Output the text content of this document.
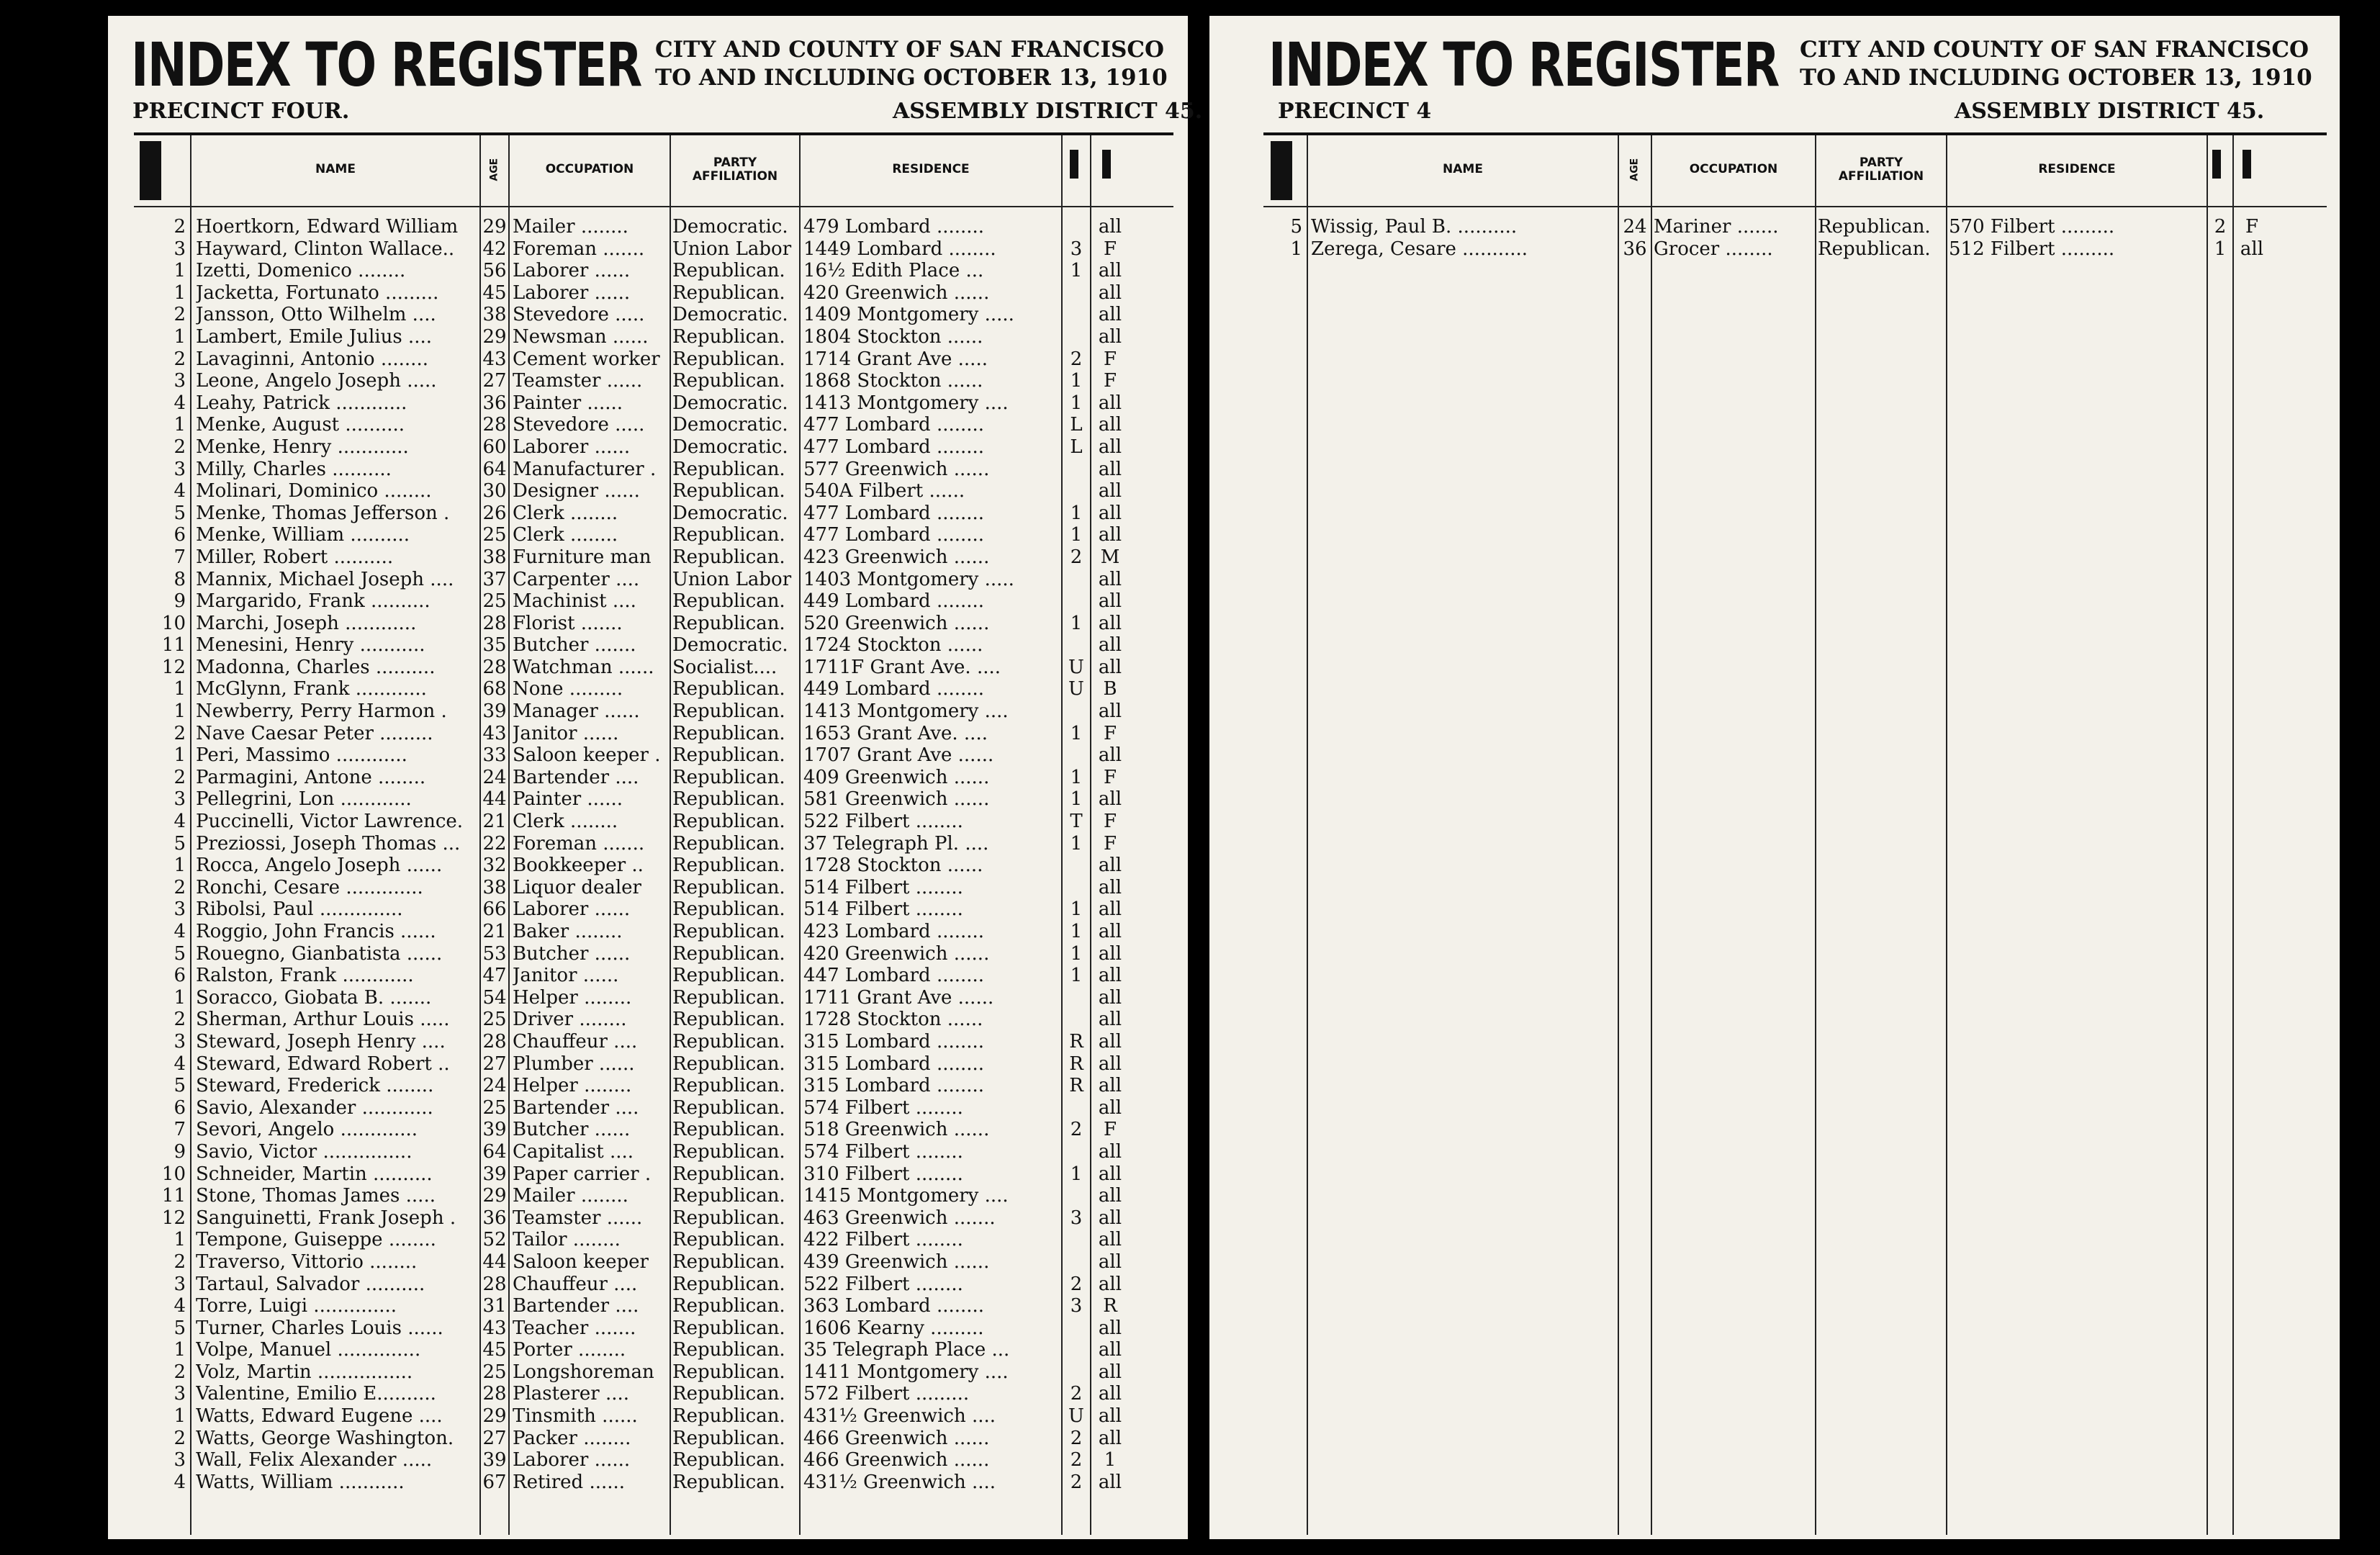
INDEX TO REGISTER CITY AND COUNTY OF SAN FRANCISCO
TO AND INCLUDING OCTOBER 13, 1910
PRECINCT FOUR.	ASSEMBLY DISTRICT 45.
NAME	AGE	OCCUPATION	PARTY AFFILIATION	RESIDENCE
2 Hoertkorn, Edward William	29 Mailer ........	Democratic. 479 Lombard ........	all
3 Hayward, Clinton Wallace..	42 Foreman .......	Union Labor 1449 Lombard ........	3	F
1 Izetti, Domenico ........	56 Laborer ......	Republican. 16½ Edith Place ...	1 all
1 Jacketta, Fortunato .........	45 Laborer ......	Republican. 420 Greenwich ......	all
2 Jansson, Otto Wilhelm ....	38 Stevedore .....	Democratic. 1409 Montgomery .....	all
1 Lambert, Emile Julius ....	29 Newsman ......	Republican. 1804 Stockton ......	all
2 Lavaginni, Antonio ........	43 Cement worker Republican. 1714 Grant Ave .....	2	F
3 Leone, Angelo Joseph .....	27 Teamster ......	Republican. 1868 Stockton ......	1	F
4 Leahy, Patrick ............	36 Painter ......	Democratic. 1413 Montgomery ....	1 all
1 Menke, August ..........	28 Stevedore .....	Democratic. 477 Lombard ........	L all
2 Menke, Henry ............	60 Laborer ......	Democratic. 477 Lombard ........	L all
3 Milly, Charles ..........	64 Manufacturer . Republican. 577 Greenwich ......	all
4 Molinari, Dominico ........	30 Designer ......	Republican. 540A Filbert ......	all
5 Menke, Thomas Jefferson .	26 Clerk ........	Democratic. 477 Lombard ........	1 all
6 Menke, William ..........	25 Clerk ........	Republican. 477 Lombard ........	1 all
7 Miller, Robert ..........	38 Furniture man	Republican. 423 Greenwich ......	2 M
8 Mannix, Michael Joseph ....	37 Carpenter ....	Union Labor 1403 Montgomery .....	all
9 Margarido, Frank ..........	25 Machinist ....	Republican. 449 Lombard ........	all
10 Marchi, Joseph ............	28 Florist .......	Republican. 520 Greenwich ......	1 all
11 Menesini, Henry ...........	35 Butcher .......	Democratic. 1724 Stockton ......	all
12 Madonna, Charles ..........	28 Watchman ...... Socialist....	1711F Grant Ave. ....	U all
1 McGlynn, Frank ............	68 None .........	Republican. 449 Lombard ........	U	B
1 Newberry, Perry Harmon .	39 Manager ......	Republican. 1413 Montgomery ....	all
2 Nave Caesar Peter .........	43 Janitor ......	Republican. 1653 Grant Ave. ....	1	F
1 Peri, Massimo ............	33 Saloon keeper . Republican. 1707 Grant Ave ......	all
2 Parmagini, Antone ........	24 Bartender ....	Republican. 409 Greenwich ......	1	F
3 Pellegrini, Lon ............	44 Painter ......	Republican. 581 Greenwich ......	1 all
4 Puccinelli, Victor Lawrence.	21 Clerk ........	Republican. 522 Filbert ........	T	F
5 Preziossi, Joseph Thomas ...	22 Foreman .......	Republican. 37 Telegraph Pl. ....	1	F
1 Rocca, Angelo Joseph ......	32 Bookkeeper ..	Republican. 1728 Stockton ......	all
2 Ronchi, Cesare .............	38 Liquor dealer	Republican. 514 Filbert ........	all
3 Ribolsi, Paul ..............	66 Laborer ......	Republican. 514 Filbert ........	1 all
4 Roggio, John Francis ......	21 Baker ........	Republican. 423 Lombard ........	1 all
5 Rouegno, Gianbatista ......	53 Butcher ......	Republican. 420 Greenwich ......	1 all
6 Ralston, Frank ............	47 Janitor ......	Republican. 447 Lombard ........	1 all
1 Soracco, Giobata B. .......	54 Helper ........	Republican. 1711 Grant Ave ......	all
2 Sherman, Arthur Louis .....	25 Driver ........	Republican. 1728 Stockton ......	all
3 Steward, Joseph Henry ....	28 Chauffeur ....	Republican. 315 Lombard ........	R all
4 Steward, Edward Robert ..	27 Plumber ......	Republican. 315 Lombard ........	R all
5 Steward, Frederick ........	24 Helper ........	Republican. 315 Lombard ........	R all
6 Savio, Alexander ............	25 Bartender ....	Republican. 574 Filbert ........	all
7 Sevori, Angelo .............	39 Butcher ......	Republican. 518 Greenwich ......	2	F
9 Savio, Victor ...............	64 Capitalist ....	Republican. 574 Filbert ........	all
10 Schneider, Martin ..........	39 Paper carrier .	Republican. 310 Filbert ........	1 all
11 Stone, Thomas James .....	29 Mailer ........	Republican. 1415 Montgomery ....	all
12 Sanguinetti, Frank Joseph .	36 Teamster ......	Republican. 463 Greenwich .......	3 all
1 Tempone, Guiseppe ........	52 Tailor ........	Republican. 422 Filbert ........	all
2 Traverso, Vittorio ........	44 Saloon keeper	Republican. 439 Greenwich ......	all
3 Tartaul, Salvador ..........	28 Chauffeur ....	Republican. 522 Filbert ........	2 all
4 Torre, Luigi ..............	31 Bartender ....	Republican. 363 Lombard ........	3	R
5 Turner, Charles Louis ......	43 Teacher .......	Republican. 1606 Kearny .........	all
1 Volpe, Manuel ..............	45 Porter ........	Republican. 35 Telegraph Place ...	all
2 Volz, Martin ................	25 Longshoreman Republican. 1411 Montgomery ....	all
3 Valentine, Emilio E..........	28 Plasterer ....	Republican. 572 Filbert .........	2 all
1 Watts, Edward Eugene ....	29 Tinsmith ......	Republican. 431½ Greenwich ....	U all
2 Watts, George Washington.	27 Packer ........	Republican. 466 Greenwich ......	2 all
3 Wall, Felix Alexander .....	39 Laborer ......	Republican. 466 Greenwich ......	2	1
4 Watts, William ...........	67 Retired ......	Republican. 431½ Greenwich ....	2 all
INDEX TO REGISTER CITY AND COUNTY OF SAN FRANCISCO
TO AND INCLUDING OCTOBER 13, 1910
PRECINCT 4	ASSEMBLY DISTRICT 45.
NAME	AGE	OCCUPATION	PARTY AFFILIATION	RESIDENCE
5 Wissig, Paul B. ..........	24 Mariner .......	Republican. 570 Filbert .........	2	F
1 Zerega, Cesare ...........	36 Grocer ........	Republican. 512 Filbert .........	1 all
